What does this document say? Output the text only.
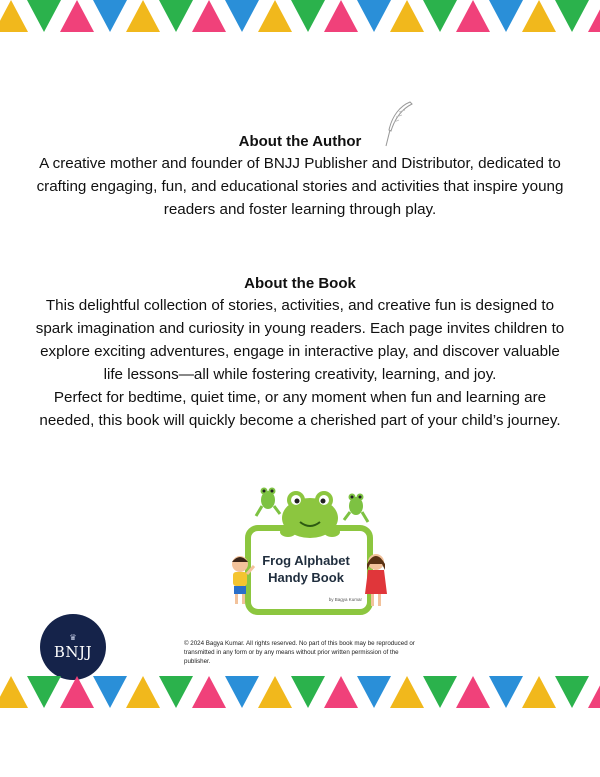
About the Author

A creative mother and founder of BNJJ Publisher and Distributor, dedicated to crafting engaging, fun, and educational stories and activities that inspire young readers and foster learning through play.

About the Book

This delightful collection of stories, activities, and creative fun is designed to spark imagination and curiosity in young readers. Each page invites children to explore exciting adventures, engage in interactive play, and discover valuable life lessons—all while fostering creativity, learning, and joy.

Perfect for bedtime, quiet time, or any moment when fun and learning are needed, this book will quickly become a cherished part of your child’s journey.

Frog Alphabet
Handy Book
by Bagya Kumar
♛
BNJJ	© 2024 Bagya Kumar. All rights reserved. No part of this book may be reproduced or transmitted in any form or by any means without prior written permission of the publisher.
